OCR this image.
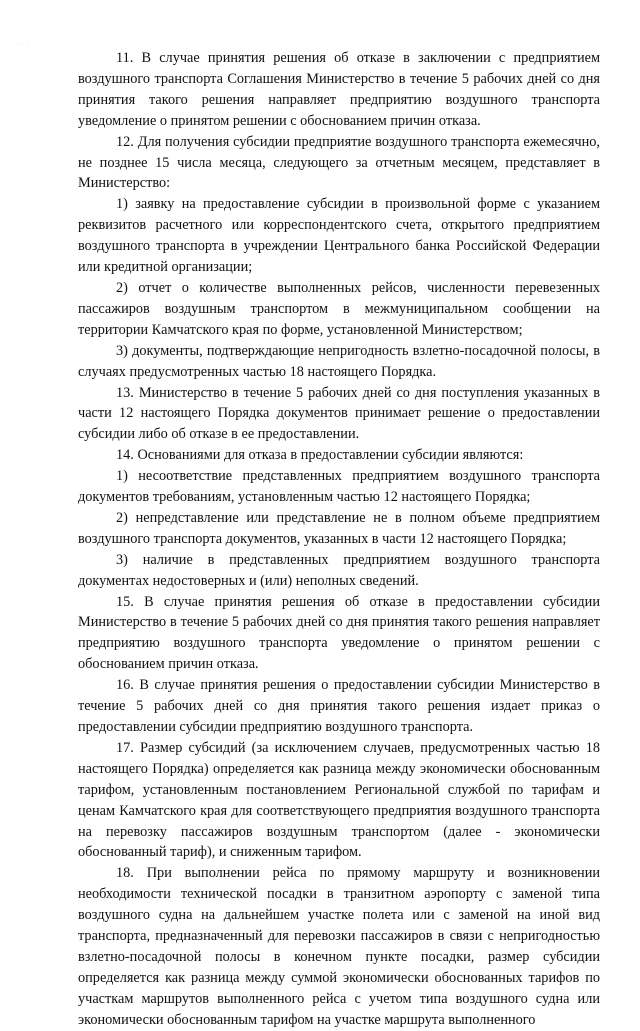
. . .

11. В случае принятия решения об отказе в заключении с предприятием воздушного транспорта Соглашения Министерство в течение 5 рабочих дней со дня принятия такого решения направляет предприятию воздушного транспорта уведомление о принятом решении с обоснованием причин отказа.

12. Для получения субсидии предприятие воздушного транспорта ежемесячно, не позднее 15 числа месяца, следующего за отчетным месяцем, представляет в Министерство:

1) заявку на предоставление субсидии в произвольной форме с указанием реквизитов расчетного или корреспондентского счета, открытого предприятием воздушного транспорта в учреждении Центрального банка Российской Федерации или кредитной организации;

2) отчет о количестве выполненных рейсов, численности перевезенных пассажиров воздушным транспортом в межмуниципальном сообщении на территории Камчатского края по форме, установленной Министерством;

3) документы, подтверждающие непригодность взлетно-посадочной полосы, в случаях предусмотренных частью 18 настоящего Порядка.

13. Министерство в течение 5 рабочих дней со дня поступления указанных в части 12 настоящего Порядка документов принимает решение о предоставлении субсидии либо об отказе в ее предоставлении.

14. Основаниями для отказа в предоставлении субсидии являются:

1) несоответствие представленных предприятием воздушного транспорта документов требованиям, установленным частью 12 настоящего Порядка;

2) непредставление или представление не в полном объеме предприятием воздушного транспорта документов, указанных в части 12 настоящего Порядка;

3) наличие в представленных предприятием воздушного транспорта документах недостоверных и (или) неполных сведений.

15. В случае принятия решения об отказе в предоставлении субсидии Министерство в течение 5 рабочих дней со дня принятия такого решения направляет предприятию воздушного транспорта уведомление о принятом решении с обоснованием причин отказа.

16. В случае принятия решения о предоставлении субсидии Министерство в течение 5 рабочих дней со дня принятия такого решения издает приказ о предоставлении субсидии предприятию воздушного транспорта.

17. Размер субсидий (за исключением случаев, предусмотренных частью 18 настоящего Порядка) определяется как разница между экономически обоснованным тарифом, установленным постановлением Региональной службой по тарифам и ценам Камчатского края для соответствующего предприятия воздушного транспорта на перевозку пассажиров воздушным транспортом (далее - экономически обоснованный тариф), и сниженным тарифом.

18. При выполнении рейса по прямому маршруту и возникновении необходимости технической посадки в транзитном аэропорту с заменой типа воздушного судна на дальнейшем участке полета или с заменой на иной вид транспорта, предназначенный для перевозки пассажиров в связи с непригодностью взлетно-посадочной полосы в конечном пункте посадки, размер субсидии определяется как разница между суммой экономически обоснованных тарифов по участкам маршрутов выполненного рейса с учетом типа воздушного судна или экономически обоснованным тарифом на участке маршрута выполненного
